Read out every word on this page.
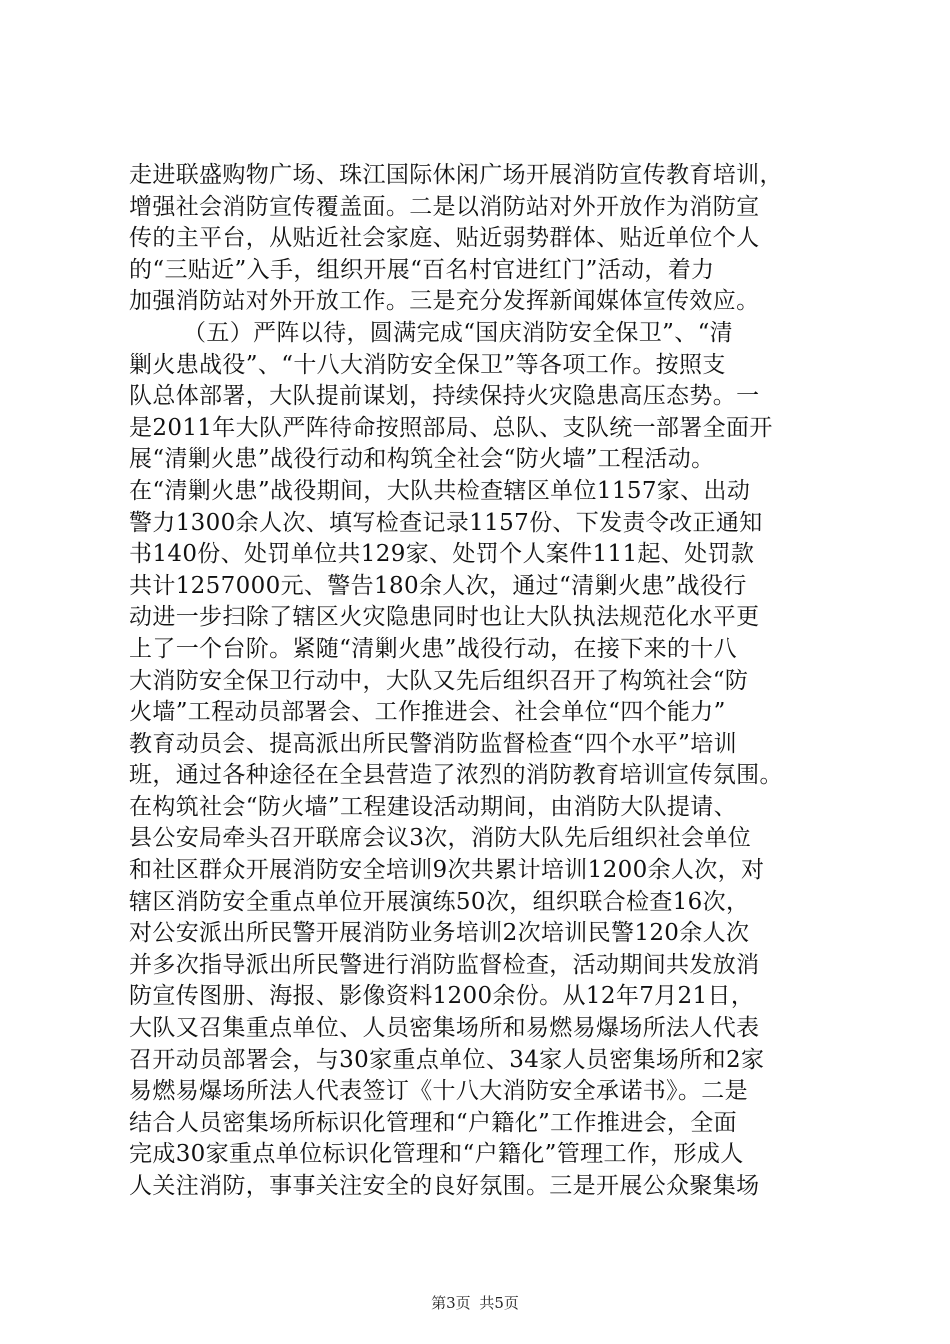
走进联盛购物广场、珠江国际休闲广场开展消防宣传教育培训，
增强社会消防宣传覆盖面。二是以消防站对外开放作为消防宣
传的主平台，从贴近社会家庭、贴近弱势群体、贴近单位个人
的“三贴近”入手，组织开展“百名村官进红门”活动，着力
加强消防站对外开放工作。三是充分发挥新闻媒体宣传效应。
（五）严阵以待，圆满完成“国庆消防安全保卫”、“清
剿火患战役”、“十八大消防安全保卫”等各项工作。按照支
队总体部署，大队提前谋划，持续保持火灾隐患高压态势。一
是2011年大队严阵待命按照部局、总队、支队统一部署全面开
展“清剿火患”战役行动和构筑全社会“防火墙”工程活动。
在“清剿火患”战役期间，大队共检查辖区单位1157家、出动
警力1300余人次、填写检查记录1157份、下发责令改正通知
书140份、处罚单位共129家、处罚个人案件111起、处罚款
共计1257000元、警告180余人次，通过“清剿火患”战役行
动进一步扫除了辖区火灾隐患同时也让大队执法规范化水平更
上了一个台阶。紧随“清剿火患”战役行动，在接下来的十八
大消防安全保卫行动中，大队又先后组织召开了构筑社会“防
火墙”工程动员部署会、工作推进会、社会单位“四个能力”
教育动员会、提高派出所民警消防监督检查“四个水平”培训
班，通过各种途径在全县营造了浓烈的消防教育培训宣传氛围。
在构筑社会“防火墙”工程建设活动期间，由消防大队提请、
县公安局牵头召开联席会议3次，消防大队先后组织社会单位
和社区群众开展消防安全培训9次共累计培训1200余人次，对
辖区消防安全重点单位开展演练50次，组织联合检查16次，
对公安派出所民警开展消防业务培训2次培训民警120余人次
并多次指导派出所民警进行消防监督检查，活动期间共发放消
防宣传图册、海报、影像资料1200余份。从12年7月21日，
大队又召集重点单位、人员密集场所和易燃易爆场所法人代表
召开动员部署会，与30家重点单位、34家人员密集场所和2家
易燃易爆场所法人代表签订《十八大消防安全承诺书》。二是
结合人员密集场所标识化管理和“户籍化”工作推进会，全面
完成30家重点单位标识化管理和“户籍化”管理工作，形成人
人关注消防，事事关注安全的良好氛围。三是开展公众聚集场
第3页 共5页
